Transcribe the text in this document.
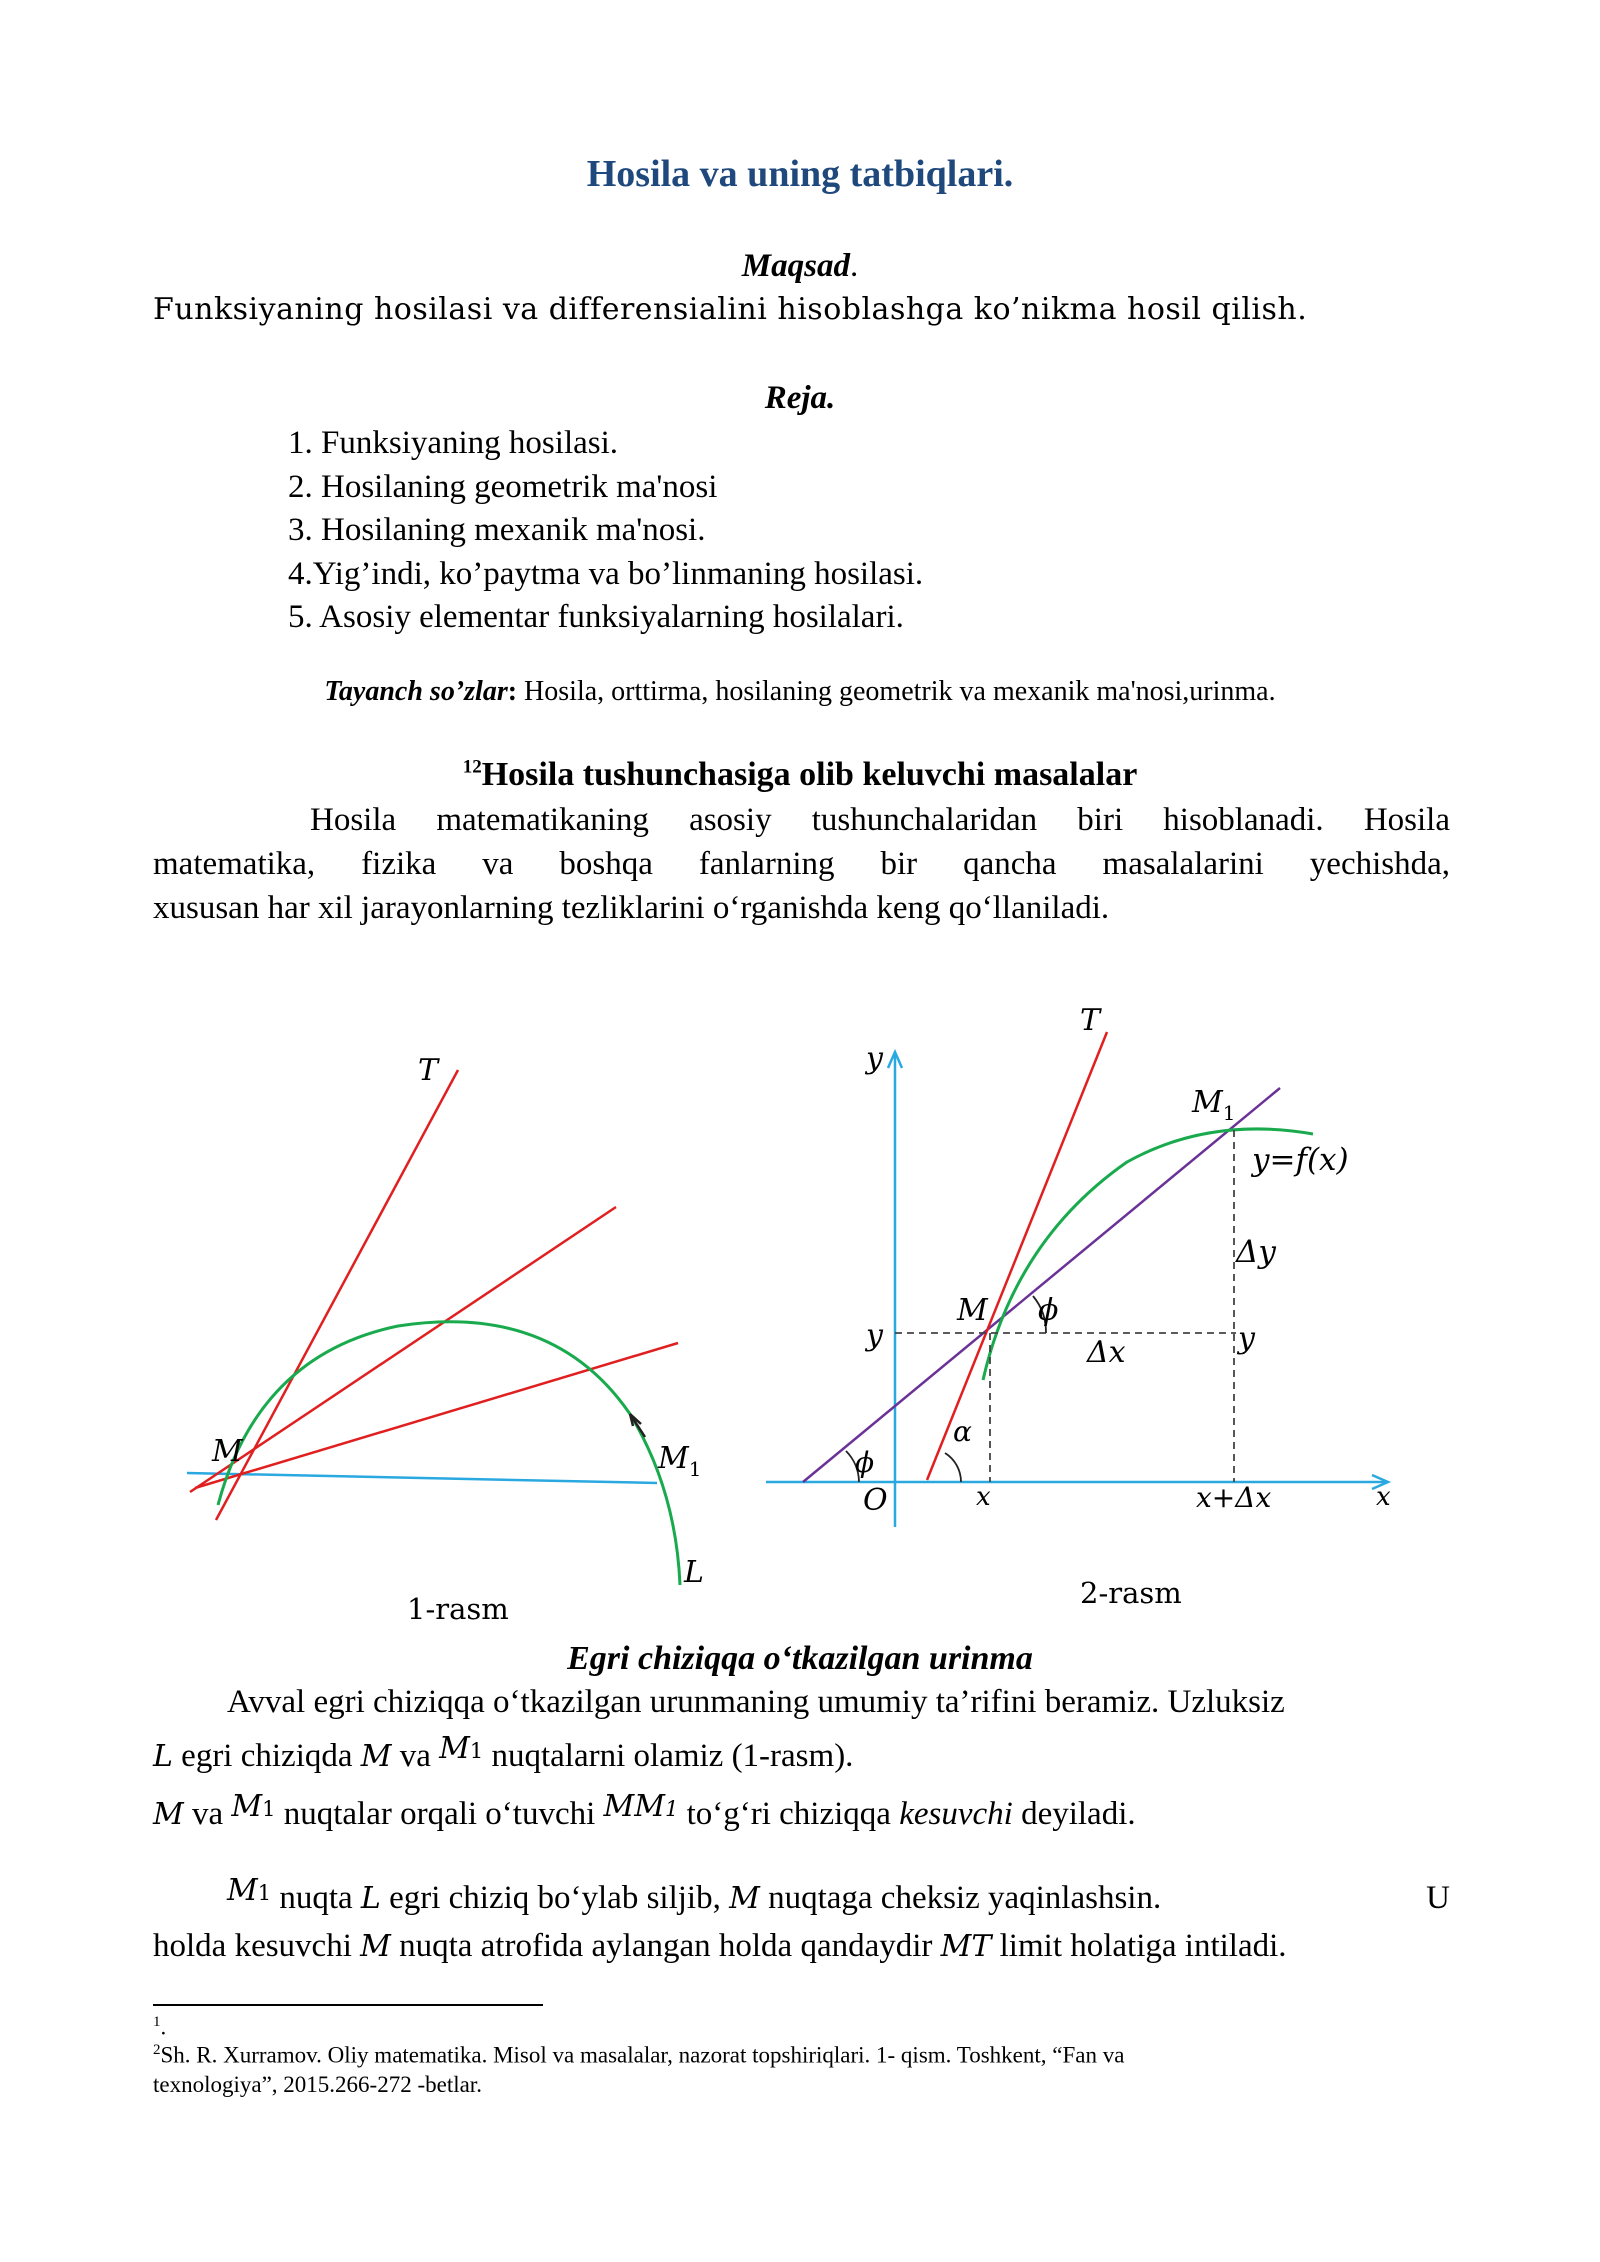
Hosila va uning tatbiqlari.
Maqsad.
Funksiyaning hosilasi va differensialini hisoblashga ko’nikma hosil qilish.
Reja.
1. Funksiyaning hosilasi.
2. Hosilaning geometrik ma'nosi
3. Hosilaning mexanik ma'nosi.
4.Yig’indi, ko’paytma va bo’linmaning hosilasi.
5. Asosiy elementar funksiyalarning hosilalari.
Tayanch so’zlar: Hosila, orttirma, hosilaning geometrik va mexanik ma'nosi,urinma.
$^{12}$Hosila tushunchasiga olib keluvchi masalalar
Hosila matematikaning asosiy tushunchalaridan biri hisoblanadi. Hosila
matematika, fizika va boshqa fanlarning bir qancha masalalarini yechishda,
xususan har xil jarayonlarning tezliklarini o‘rganishda keng qo‘llaniladi.
T
M	$M_1$
L
1-rasm
T
y
$M_1$
y=f(x)
Δy
M ϕ
y	y
Δx
α
ϕ
O	x	x+Δx	x
2-rasm
Egri chiziqqa o‘tkazilgan urinma
Avval egri chiziqqa o‘tkazilgan urunmaning umumiy ta’rifini beramiz. Uzluksiz
L egri chiziqda M va M1 nuqtalarni olamiz (1-rasm).
M va M1 nuqtalar orqali o‘tuvchi MM1 to‘g‘ri chiziqqa kesuvchi deyiladi.
M1 nuqta L egri chiziq bo‘ylab siljib, M nuqtaga cheksiz yaqinlashsin.	U
holda kesuvchi M nuqta atrofida aylangan holda qandaydir MT limit holatiga intiladi.
$^1$.
$^2$Sh. R. Xurramov. Oliy matematika. Misol va masalalar, nazorat topshiriqlari. 1- qism. Toshkent, “Fan va
texnologiya”, 2015.266-272 -betlar.
